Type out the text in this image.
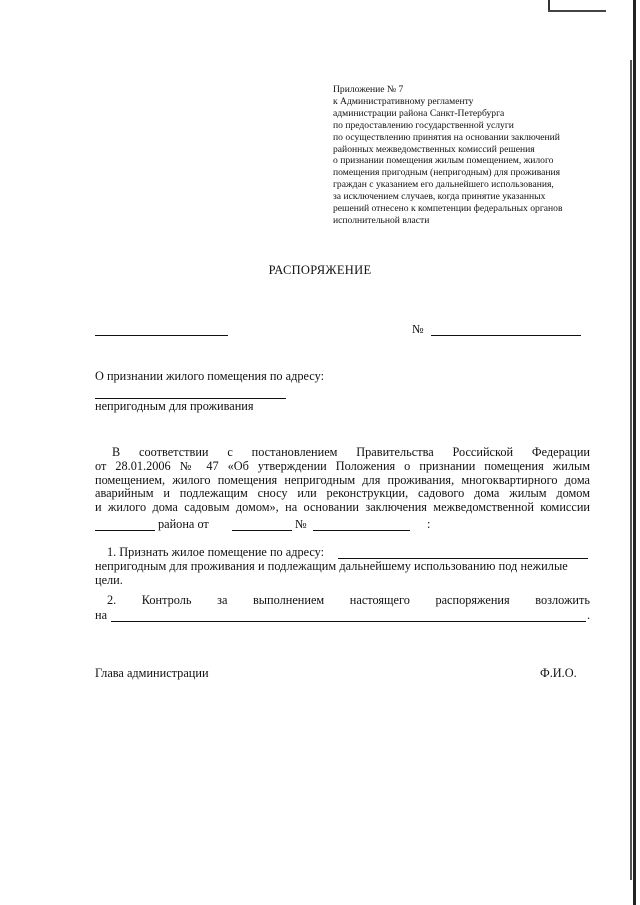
Приложение № 7
к Административному регламенту
администрации района Санкт-Петербурга
по предоставлению государственной услуги
по осуществлению принятия на основании заключений
районных межведомственных комиссий решения
о признании помещения жилым помещением, жилого
помещения пригодным (непригодным) для проживания
граждан с указанием его дальнейшего использования,
за исключением случаев, когда принятие указанных
решений отнесено к компетенции федеральных органов
исполнительной власти
РАСПОРЯЖЕНИЕ
№
О признании жилого помещения по адресу:
непригодным для проживания
В соответствии с постановлением Правительства Российской Федерации
от 28.01.2006 № 47 «Об утверждении Положения о признании помещения жилым
помещением, жилого помещения непригодным для проживания, многоквартирного дома
аварийным и подлежащим сносу или реконструкции, садового дома жилым домом
и жилого дома садовым домом», на основании заключения межведомственной комиссии
района от	№	:
1. Признать жилое помещение по адресу:
непригодным для проживания и подлежащим дальнейшему использованию под нежилые
цели.
2. Контроль за выполнением настоящего распоряжения возложить
на	.
Глава администрации	Ф.И.О.
